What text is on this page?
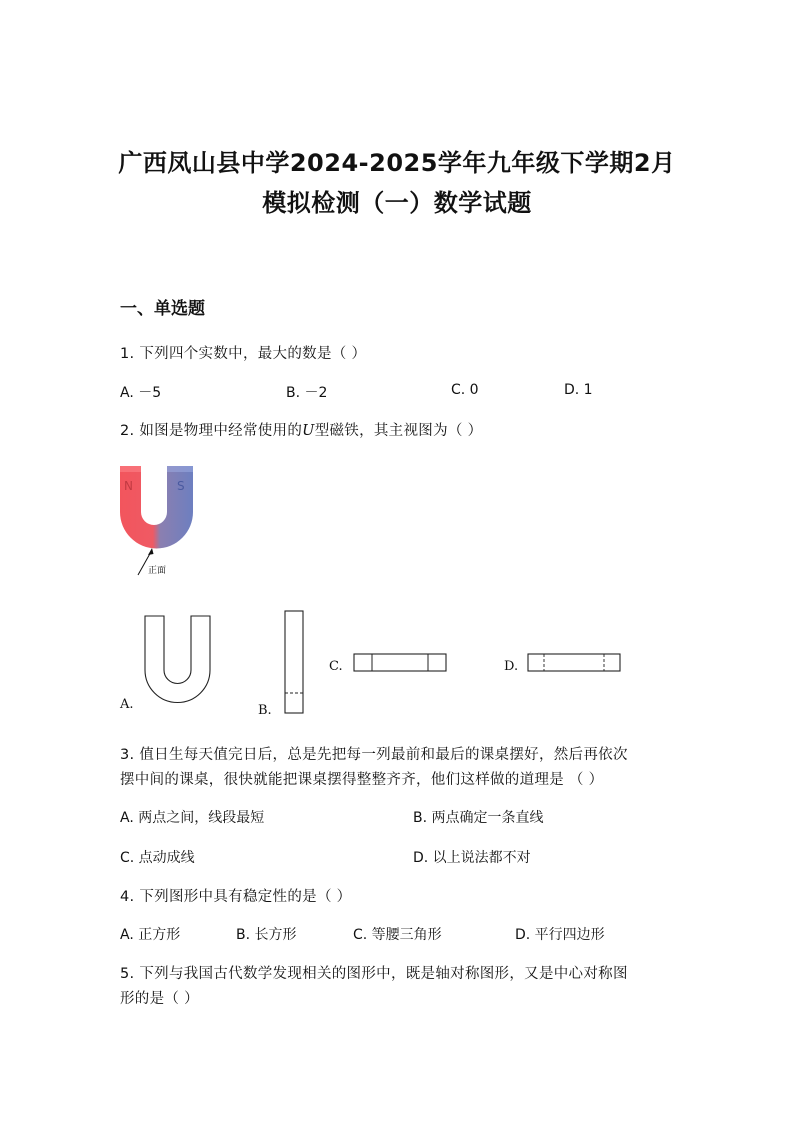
广西凤山县中学2024-2025学年九年级下学期2月
模拟检测（一）数学试题
一、单选题
1. 下列四个实数中，最大的数是（ ）
A. －5	B. －2	C. 0	D. 1
2. 如图是物理中经常使用的U型磁铁，其主视图为（ ）
N	S
正面
A.	B.
C.	D.
3. 值日生每天值完日后，总是先把每一列最前和最后的课桌摆好，然后再依次
摆中间的课桌，很快就能把课桌摆得整整齐齐，他们这样做的道理是 （ ）
A. 两点之间，线段最短	B. 两点确定一条直线
C. 点动成线	D. 以上说法都不对
4. 下列图形中具有稳定性的是（ ）
A. 正方形	B. 长方形	C. 等腰三角形	D. 平行四边形
5. 下列与我国古代数学发现相关的图形中，既是轴对称图形，又是中心对称图
形的是（ ）
